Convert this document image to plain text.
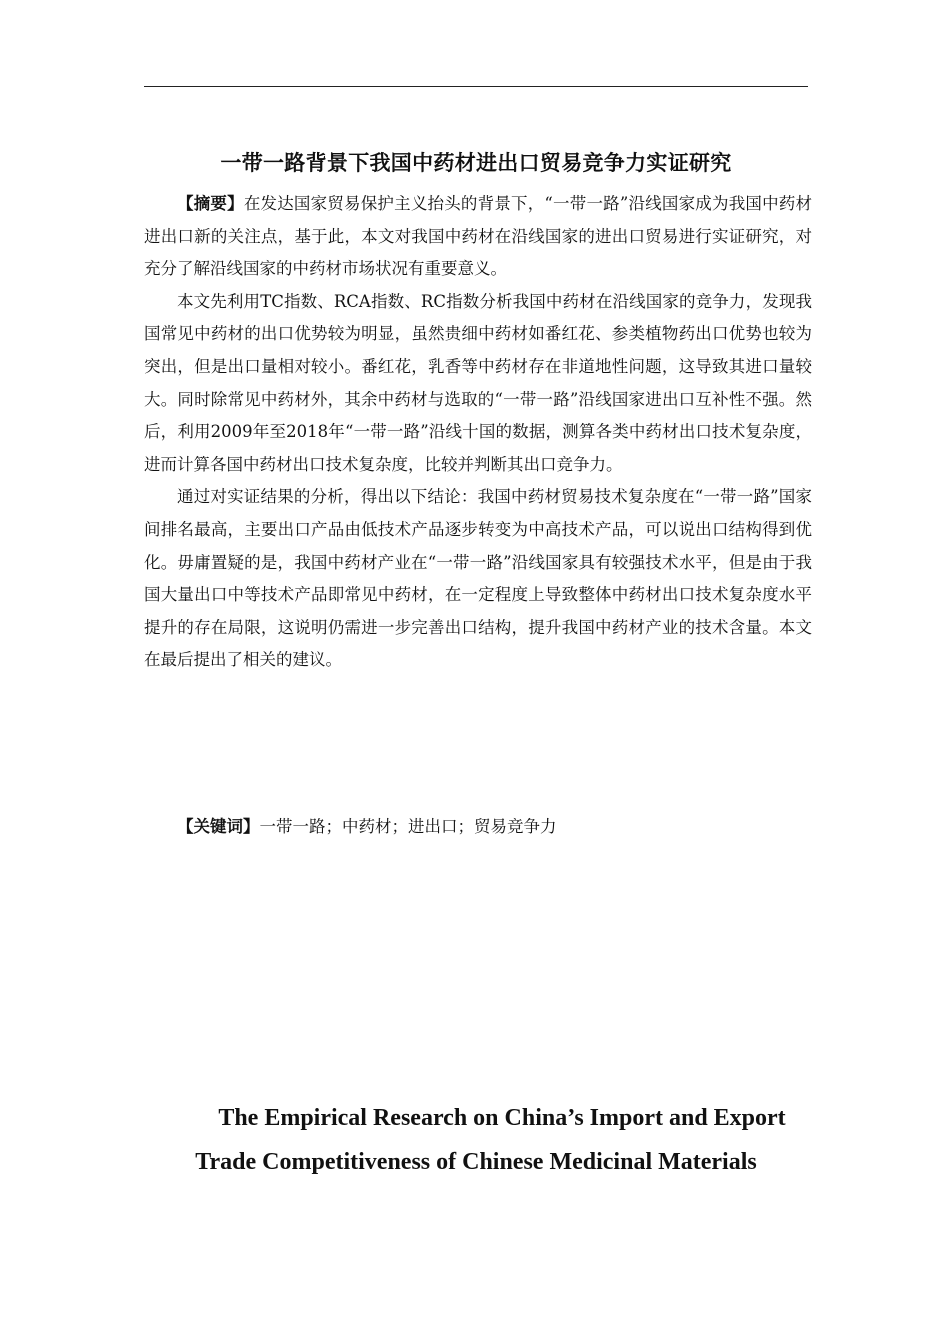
一带一路背景下我国中药材进出口贸易竞争力实证研究

【摘要】在发达国家贸易保护主义抬头的背景下，“一带一路”沿线国家成为我国中药材进出口新的关注点，基于此，本文对我国中药材在沿线国家的进出口贸易进行实证研究，对充分了解沿线国家的中药材市场状况有重要意义。

本文先利用TC指数、RCA指数、RC指数分析我国中药材在沿线国家的竞争力，发现我国常见中药材的出口优势较为明显，虽然贵细中药材如番红花、参类植物药出口优势也较为突出，但是出口量相对较小。番红花，乳香等中药材存在非道地性问题，这导致其进口量较大。同时除常见中药材外，其余中药材与选取的“一带一路”沿线国家进出口互补性不强。然后，利用2009年至2018年“一带一路”沿线十国的数据，测算各类中药材出口技术复杂度，进而计算各国中药材出口技术复杂度，比较并判断其出口竞争力。

通过对实证结果的分析，得出以下结论：我国中药材贸易技术复杂度在“一带一路”国家间排名最高，主要出口产品由低技术产品逐步转变为中高技术产品，可以说出口结构得到优化。毋庸置疑的是，我国中药材产业在“一带一路”沿线国家具有较强技术水平，但是由于我国大量出口中等技术产品即常见中药材，在一定程度上导致整体中药材出口技术复杂度水平提升的存在局限，这说明仍需进一步完善出口结构，提升我国中药材产业的技术含量。本文在最后提出了相关的建议。

【关键词】一带一路；中药材；进出口；贸易竞争力
The Empirical Research on China’s Import and Export
Trade Competitiveness of Chinese Medicinal Materials
